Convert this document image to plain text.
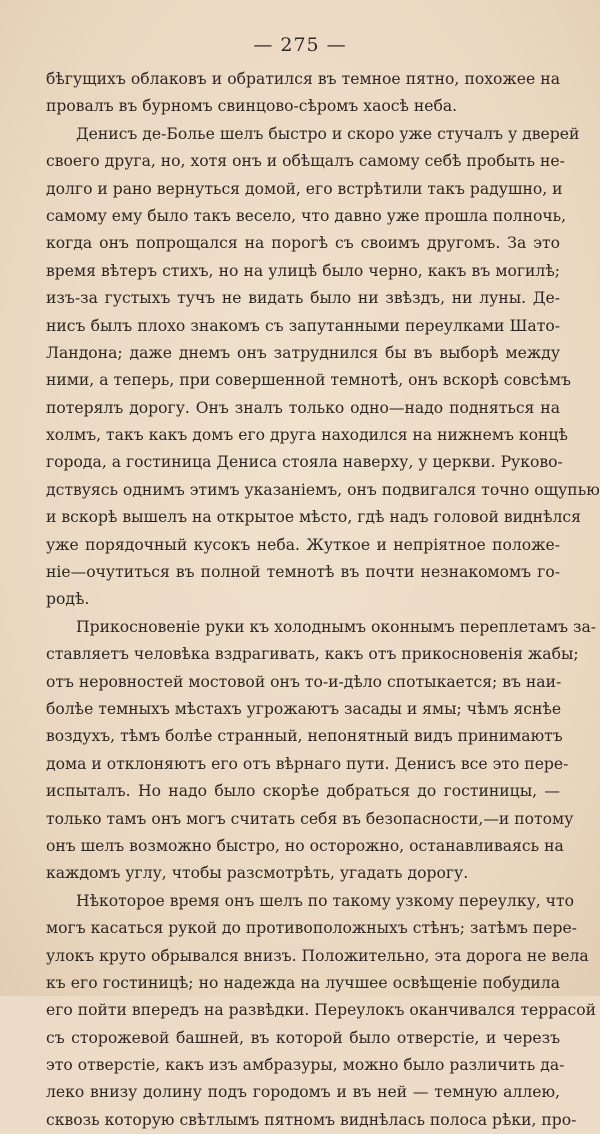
— 275 —
бѣгущихъ облаковъ и обратился въ темное пятно, похожее на
провалъ въ бурномъ свинцово-сѣромъ хаосѣ неба.
Денисъ де-Болье шелъ быстро и скоро уже стучалъ у дверей
своего друга, но, хотя онъ и обѣщалъ самому себѣ пробыть не-
долго и рано вернуться домой, его встрѣтили такъ радушно, и
самому ему было такъ весело, что давно уже прошла полночь,
когда онъ попрощался на порогѣ съ своимъ другомъ. За это
время вѣтеръ стихъ, но на улицѣ было черно, какъ въ могилѣ;
изъ-за густыхъ тучъ не видать было ни звѣздъ, ни луны. Де-
нисъ былъ плохо знакомъ съ запутанными переулками Шато-
Ландона; даже днемъ онъ затруднился бы въ выборѣ между
ними, а теперь, при совершенной темнотѣ, онъ вскорѣ совсѣмъ
потерялъ дорогу. Онъ зналъ только одно—надо подняться на
холмъ, такъ какъ домъ его друга находился на нижнемъ концѣ
города, а гостиница Дениса стояла наверху, у церкви. Руково-
дствуясь однимъ этимъ указаніемъ, онъ подвигался точно ощупью
и вскорѣ вышелъ на открытое мѣсто, гдѣ надъ головой виднѣлся
уже порядочный кусокъ неба. Жуткое и непріятное положе-
ніе—очутиться въ полной темнотѣ въ почти незнакомомъ го-
родѣ.
Прикосновеніе руки къ холоднымъ оконнымъ переплетамъ за-
ставляетъ человѣка вздрагивать, какъ отъ прикосновенія жабы;
отъ неровностей мостовой онъ то-и-дѣло спотыкается; въ наи-
болѣе темныхъ мѣстахъ угрожаютъ засады и ямы; чѣмъ яснѣе
воздухъ, тѣмъ болѣе странный, непонятный видъ принимаютъ
дома и отклоняютъ его отъ вѣрнаго пути. Денисъ все это пере-
испыталъ. Но надо было скорѣе добраться до гостиницы, —
только тамъ онъ могъ считать себя въ безопасности,—и потому
онъ шелъ возможно быстро, но осторожно, останавливаясь на
каждомъ углу, чтобы разсмотрѣть, угадать дорогу.
Нѣкоторое время онъ шелъ по такому узкому переулку, что
могъ касаться рукой до противоположныхъ стѣнъ; затѣмъ пере-
улокъ круто обрывался внизъ. Положительно, эта дорога не вела
къ его гостиницѣ; но надежда на лучшее освѣщеніе побудила
его пойти впередъ на развѣдки. Переулокъ оканчивался террасой
съ сторожевой башней, въ которой было отверстіе, и черезъ
это отверстіе, какъ изъ амбразуры, можно было различить да-
леко внизу долину подъ городомъ и въ ней — темную аллею,
сквозь которую свѣтлымъ пятномъ виднѣлась полоса рѣки, про-
